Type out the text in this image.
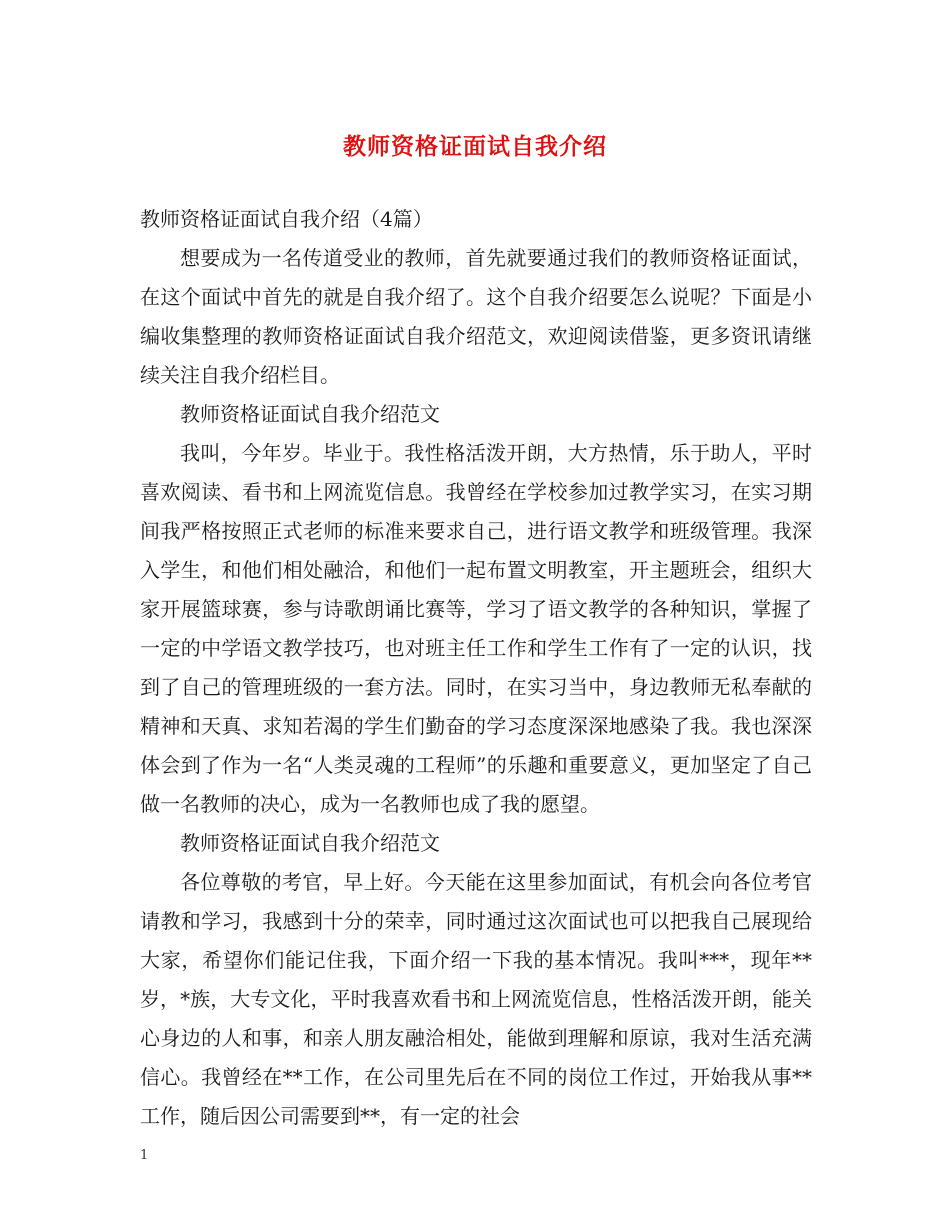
教师资格证面试自我介绍

教师资格证面试自我介绍（4篇）

想要成为一名传道受业的教师，首先就要通过我们的教师资格证面试，在这个面试中首先的就是自我介绍了。这个自我介绍要怎么说呢？下面是小编收集整理的教师资格证面试自我介绍范文，欢迎阅读借鉴，更多资讯请继续关注自我介绍栏目。

教师资格证面试自我介绍范文

我叫，今年岁。毕业于。我性格活泼开朗，大方热情，乐于助人，平时喜欢阅读、看书和上网流览信息。我曾经在学校参加过教学实习，在实习期间我严格按照正式老师的标准来要求自己，进行语文教学和班级管理。我深入学生，和他们相处融洽，和他们一起布置文明教室，开主题班会，组织大家开展篮球赛，参与诗歌朗诵比赛等，学习了语文教学的各种知识，掌握了一定的中学语文教学技巧，也对班主任工作和学生工作有了一定的认识，找到了自己的管理班级的一套方法。同时，在实习当中，身边教师无私奉献的精神和天真、求知若渴的学生们勤奋的学习态度深深地感染了我。我也深深体会到了作为一名“人类灵魂的工程师”的乐趣和重要意义，更加坚定了自己做一名教师的决心，成为一名教师也成了我的愿望。

教师资格证面试自我介绍范文

各位尊敬的考官，早上好。今天能在这里参加面试，有机会向各位考官请教和学习，我感到十分的荣幸，同时通过这次面试也可以把我自己展现给大家，希望你们能记住我，下面介绍一下我的基本情况。我叫***，现年**岁，*族，大专文化，平时我喜欢看书和上网流览信息，性格活泼开朗，能关心身边的人和事，和亲人朋友融洽相处，能做到理解和原谅，我对生活充满信心。我曾经在**工作，在公司里先后在不同的岗位工作过，开始我从事**工作，随后因公司需要到**，有一定的社会

1
